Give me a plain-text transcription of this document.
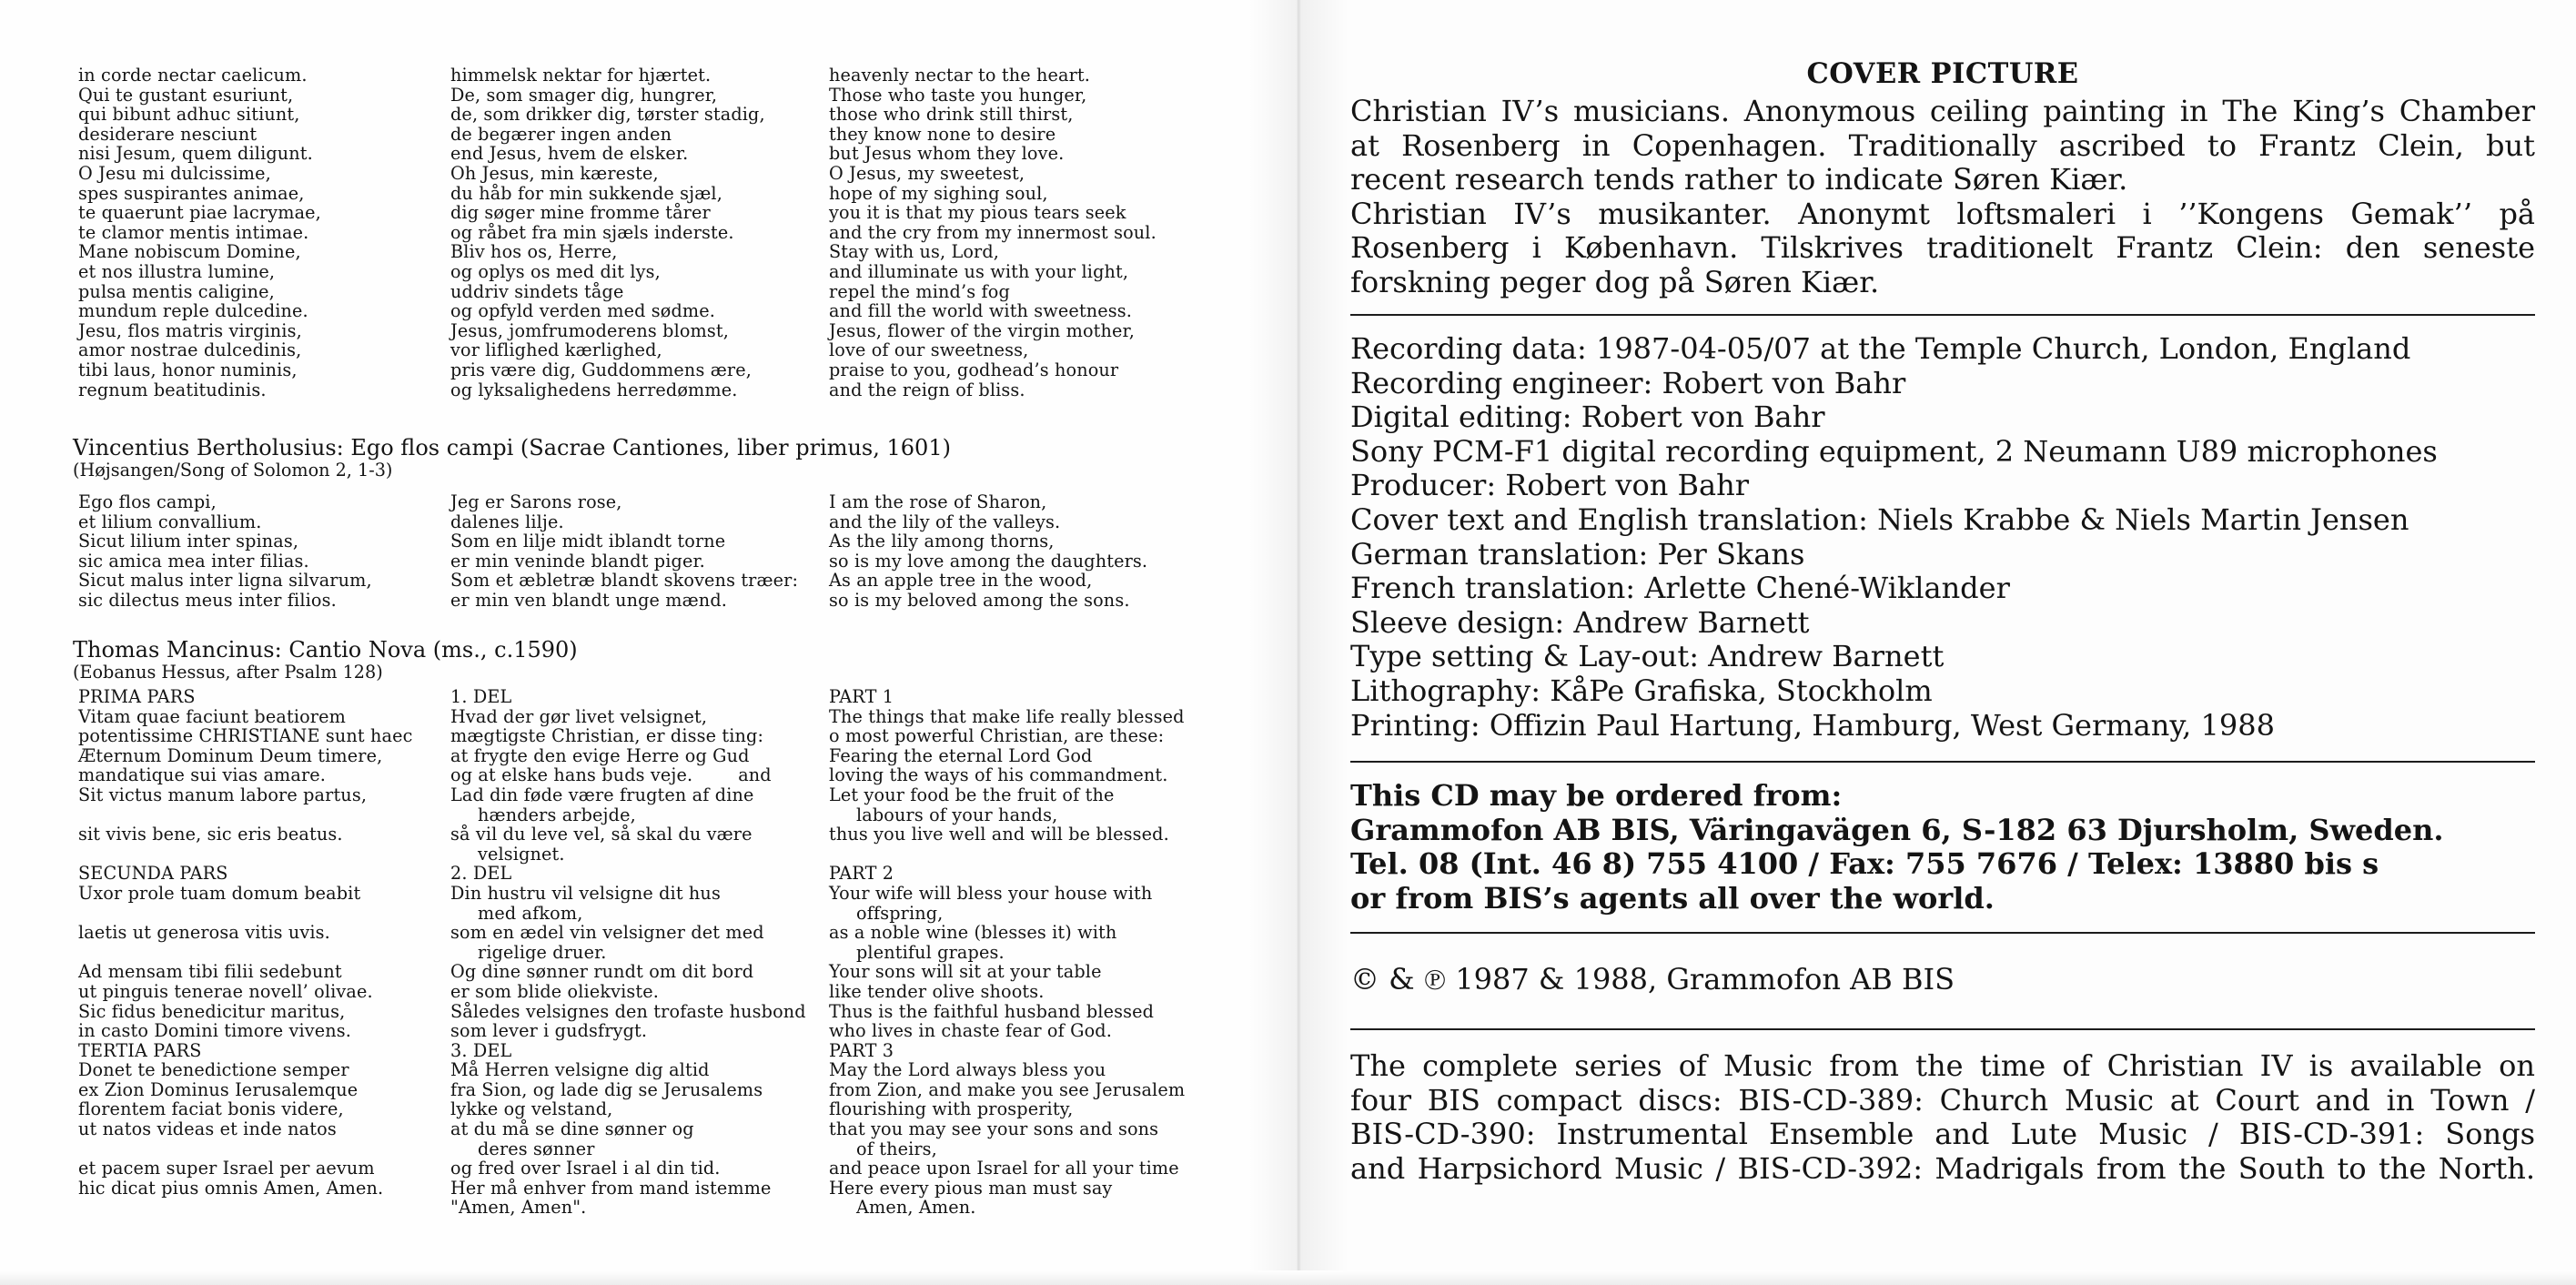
in corde nectar caelicum.
Qui te gustant esuriunt,
qui bibunt adhuc sitiunt,
desiderare nesciunt
nisi Jesum, quem diligunt.
O Jesu mi dulcissime,
spes suspirantes animae,
te quaerunt piae lacrymae,
te clamor mentis intimae.
Mane nobiscum Domine,
et nos illustra lumine,
pulsa mentis caligine,
mundum reple dulcedine.
Jesu, flos matris virginis,
amor nostrae dulcedinis,
tibi laus, honor numinis,
regnum beatitudinis.
himmelsk nektar for hjærtet.
De, som smager dig, hungrer,
de, som drikker dig, tørster stadig,
de begærer ingen anden
end Jesus, hvem de elsker.
Oh Jesus, min kæreste,
du håb for min sukkende sjæl,
dig søger mine fromme tårer
og råbet fra min sjæls inderste.
Bliv hos os, Herre,
og oplys os med dit lys,
uddriv sindets tåge
og opfyld verden med sødme.
Jesus, jomfrumoderens blomst,
vor liflighed kærlighed,
pris være dig, Guddommens ære,
og lyksalighedens herredømme.
heavenly nectar to the heart.
Those who taste you hunger,
those who drink still thirst,
they know none to desire
but Jesus whom they love.
O Jesus, my sweetest,
hope of my sighing soul,
you it is that my pious tears seek
and the cry from my innermost soul.
Stay with us, Lord,
and illuminate us with your light,
repel the mind’s fog
and fill the world with sweetness.
Jesus, flower of the virgin mother,
love of our sweetness,
praise to you, godhead’s honour
and the reign of bliss.
Vincentius Bertholusius: Ego flos campi (Sacrae Cantiones, liber primus, 1601)
(Højsangen/Song of Solomon 2, 1-3)
Ego flos campi,
et lilium convallium.
Sicut lilium inter spinas,
sic amica mea inter filias.
Sicut malus inter ligna silvarum,
sic dilectus meus inter filios.
Jeg er Sarons rose,
dalenes lilje.
Som en lilje midt iblandt torne
er min veninde blandt piger.
Som et æbletræ blandt skovens træer:
er min ven blandt unge mænd.
I am the rose of Sharon,
and the lily of the valleys.
As the lily among thorns,
so is my love among the daughters.
As an apple tree in the wood,
so is my beloved among the sons.
Thomas Mancinus: Cantio Nova (ms., c.1590)
(Eobanus Hessus, after Psalm 128)
PRIMA PARS
Vitam quae faciunt beatiorem
potentissime CHRISTIANE sunt haec
Æternum Dominum Deum timere,
mandatique sui vias amare.
Sit victus manum labore partus,
sit vivis bene, sic eris beatus.
SECUNDA PARS
Uxor prole tuam domum beabit
laetis ut generosa vitis uvis.
Ad mensam tibi filii sedebunt
ut pinguis tenerae novell’ olivae.
Sic fidus benedicitur maritus,
in casto Domini timore vivens.
TERTIA PARS
Donet te benedictione semper
ex Zion Dominus Ierusalemque
florentem faciat bonis videre,
ut natos videas et inde natos
et pacem super Israel per aevum
hic dicat pius omnis Amen, Amen.
1. DEL
Hvad der gør livet velsignet,
mægtigste Christian, er disse ting:
at frygte den evige Herre og Gud
og at elske hans buds veje.        and
Lad din føde være frugten af dine
hænders arbejde,
så vil du leve vel, så skal du være
velsignet.
2. DEL
Din hustru vil velsigne dit hus
med afkom,
som en ædel vin velsigner det med
rigelige druer.
Og dine sønner rundt om dit bord
er som blide oliekviste.
Således velsignes den trofaste husbond
som lever i gudsfrygt.
3. DEL
Må Herren velsigne dig altid
fra Sion, og lade dig se Jerusalems
lykke og velstand,
at du må se dine sønner og
deres sønner
og fred over Israel i al din tid.
Her må enhver from mand istemme
"Amen, Amen".
PART 1
The things that make life really blessed
o most powerful Christian, are these:
Fearing the eternal Lord God
loving the ways of his commandment.
Let your food be the fruit of the
labours of your hands,
thus you live well and will be blessed.
PART 2
Your wife will bless your house with
offspring,
as a noble wine (blesses it) with
plentiful grapes.
Your sons will sit at your table
like tender olive shoots.
Thus is the faithful husband blessed
who lives in chaste fear of God.
PART 3
May the Lord always bless you
from Zion, and make you see Jerusalem
flourishing with prosperity,
that you may see your sons and sons
of theirs,
and peace upon Israel for all your time
Here every pious man must say
Amen, Amen.
COVER PICTURE
Christian IV’s musicians. Anonymous ceiling painting in The King’s Chamber
at Rosenberg in Copenhagen. Traditionally ascribed to Frantz Clein, but
recent research tends rather to indicate Søren Kiær.
Christian IV’s musikanter. Anonymt loftsmaleri i ’’Kongens Gemak’’ på
Rosenberg i København. Tilskrives traditionelt Frantz Clein: den seneste
forskning peger dog på Søren Kiær.
Recording data: 1987-04-05/07 at the Temple Church, London, England
Recording engineer: Robert von Bahr
Digital editing: Robert von Bahr
Sony PCM-F1 digital recording equipment, 2 Neumann U89 microphones
Producer: Robert von Bahr
Cover text and English translation: Niels Krabbe & Niels Martin Jensen
German translation: Per Skans
French translation: Arlette Chené-Wiklander
Sleeve design: Andrew Barnett
Type setting & Lay-out: Andrew Barnett
Lithography: KåPe Grafiska, Stockholm
Printing: Offizin Paul Hartung, Hamburg, West Germany, 1988
This CD may be ordered from:
Grammofon AB BIS, Väringavägen 6, S-182 63 Djursholm, Sweden.
Tel. 08 (Int. 46 8) 755 4100 / Fax: 755 7676 / Telex: 13880 bis s
or from BIS’s agents all over the world.
© & ℗ 1987 & 1988, Grammofon AB BIS
The complete series of Music from the time of Christian IV is available on
four BIS compact discs: BIS-CD-389: Church Music at Court and in Town /
BIS-CD-390: Instrumental Ensemble and Lute Music / BIS-CD-391: Songs
and Harpsichord Music / BIS-CD-392: Madrigals from the South to the North.
